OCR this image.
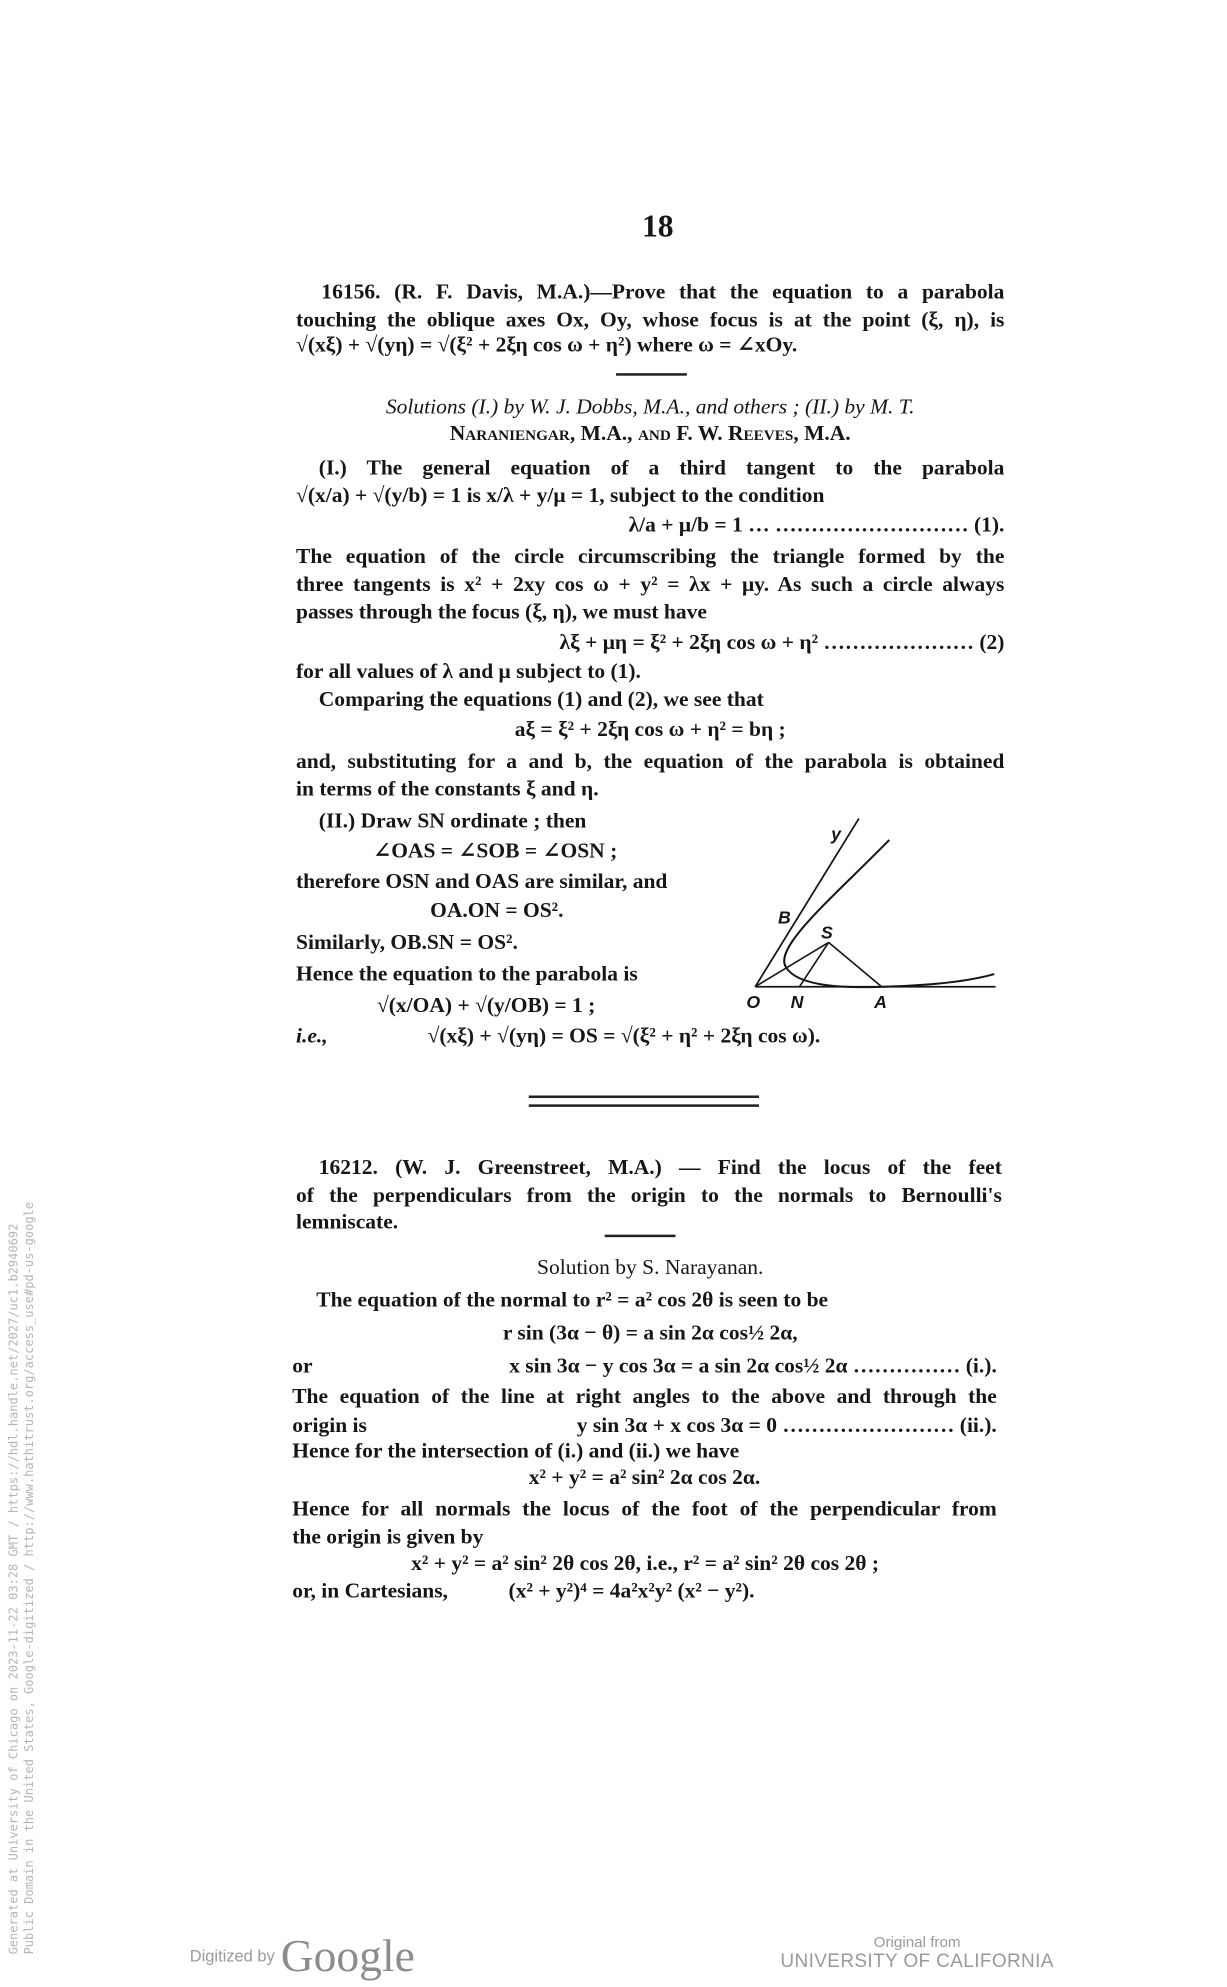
18
16156. (R. F. Davis, M.A.)—Prove that the equation to a parabola
touching the oblique axes Ox, Oy, whose focus is at the point (ξ, η), is
√(xξ) + √(yη) = √(ξ² + 2ξη cos ω + η²) where ω = ∠xOy.
Solutions (I.) by W. J. Dobbs, M.A., and others ; (II.) by M. T.
Naraniengar, M.A., and F. W. Reeves, M.A.
(I.) The general equation of a third tangent to the parabola
√(x/a) + √(y/b) = 1 is x/λ + y/μ = 1, subject to the condition
λ/a + μ/b = 1 … ……………………… (1).
The equation of the circle circumscribing the triangle formed by the
three tangents is x² + 2xy cos ω + y² = λx + μy. As such a circle always
passes through the focus (ξ, η), we must have
λξ + μη = ξ² + 2ξη cos ω + η² ………………… (2)
for all values of λ and μ subject to (1).
Comparing the equations (1) and (2), we see that
aξ = ξ² + 2ξη cos ω + η² = bη ;
and, substituting for a and b, the equation of the parabola is obtained
in terms of the constants ξ and η.
(II.) Draw SN ordinate ; then
∠OAS = ∠SOB = ∠OSN ;
therefore OSN and OAS are similar, and
OA.ON = OS².
Similarly, OB.SN = OS².
Hence the equation to the parabola is
√(x/OA) + √(y/OB) = 1 ;
i.e.,	√(xξ) + √(yη) = OS = √(ξ² + η² + 2ξη cos ω).
y
B
S
O N	A
16212. (W. J. Greenstreet, M.A.) — Find the locus of the feet
of the perpendiculars from the origin to the normals to Bernoulli's
lemniscate.
Solution by S. Narayanan.
The equation of the normal to r² = a² cos 2θ is seen to be
r sin (3α − θ) = a sin 2α cos½ 2α,
or	x sin 3α − y cos 3α = a sin 2α cos½ 2α …………… (i.).
The equation of the line at right angles to the above and through the
origin is	y sin 3α + x cos 3α = 0 …………………… (ii.).
Hence for the intersection of (i.) and (ii.) we have
x² + y² = a² sin² 2α cos 2α.
Hence for all normals the locus of the foot of the perpendicular from
the origin is given by
x² + y² = a² sin² 2θ cos 2θ, i.e., r² = a² sin² 2θ cos 2θ ;
or, in Cartesians,	(x² + y²)⁴ = 4a²x²y² (x² − y²).
Generated at University of Chicago on 2023-11-22 03:28 GMT / https://hdl.handle.net/2027/uc1.b2940692 Public Domain in the United States, Google-digitized / http://www.hathitrust.org/access_use#pd-us-google
Digitized by Google	Original from
UNIVERSITY OF CALIFORNIA
